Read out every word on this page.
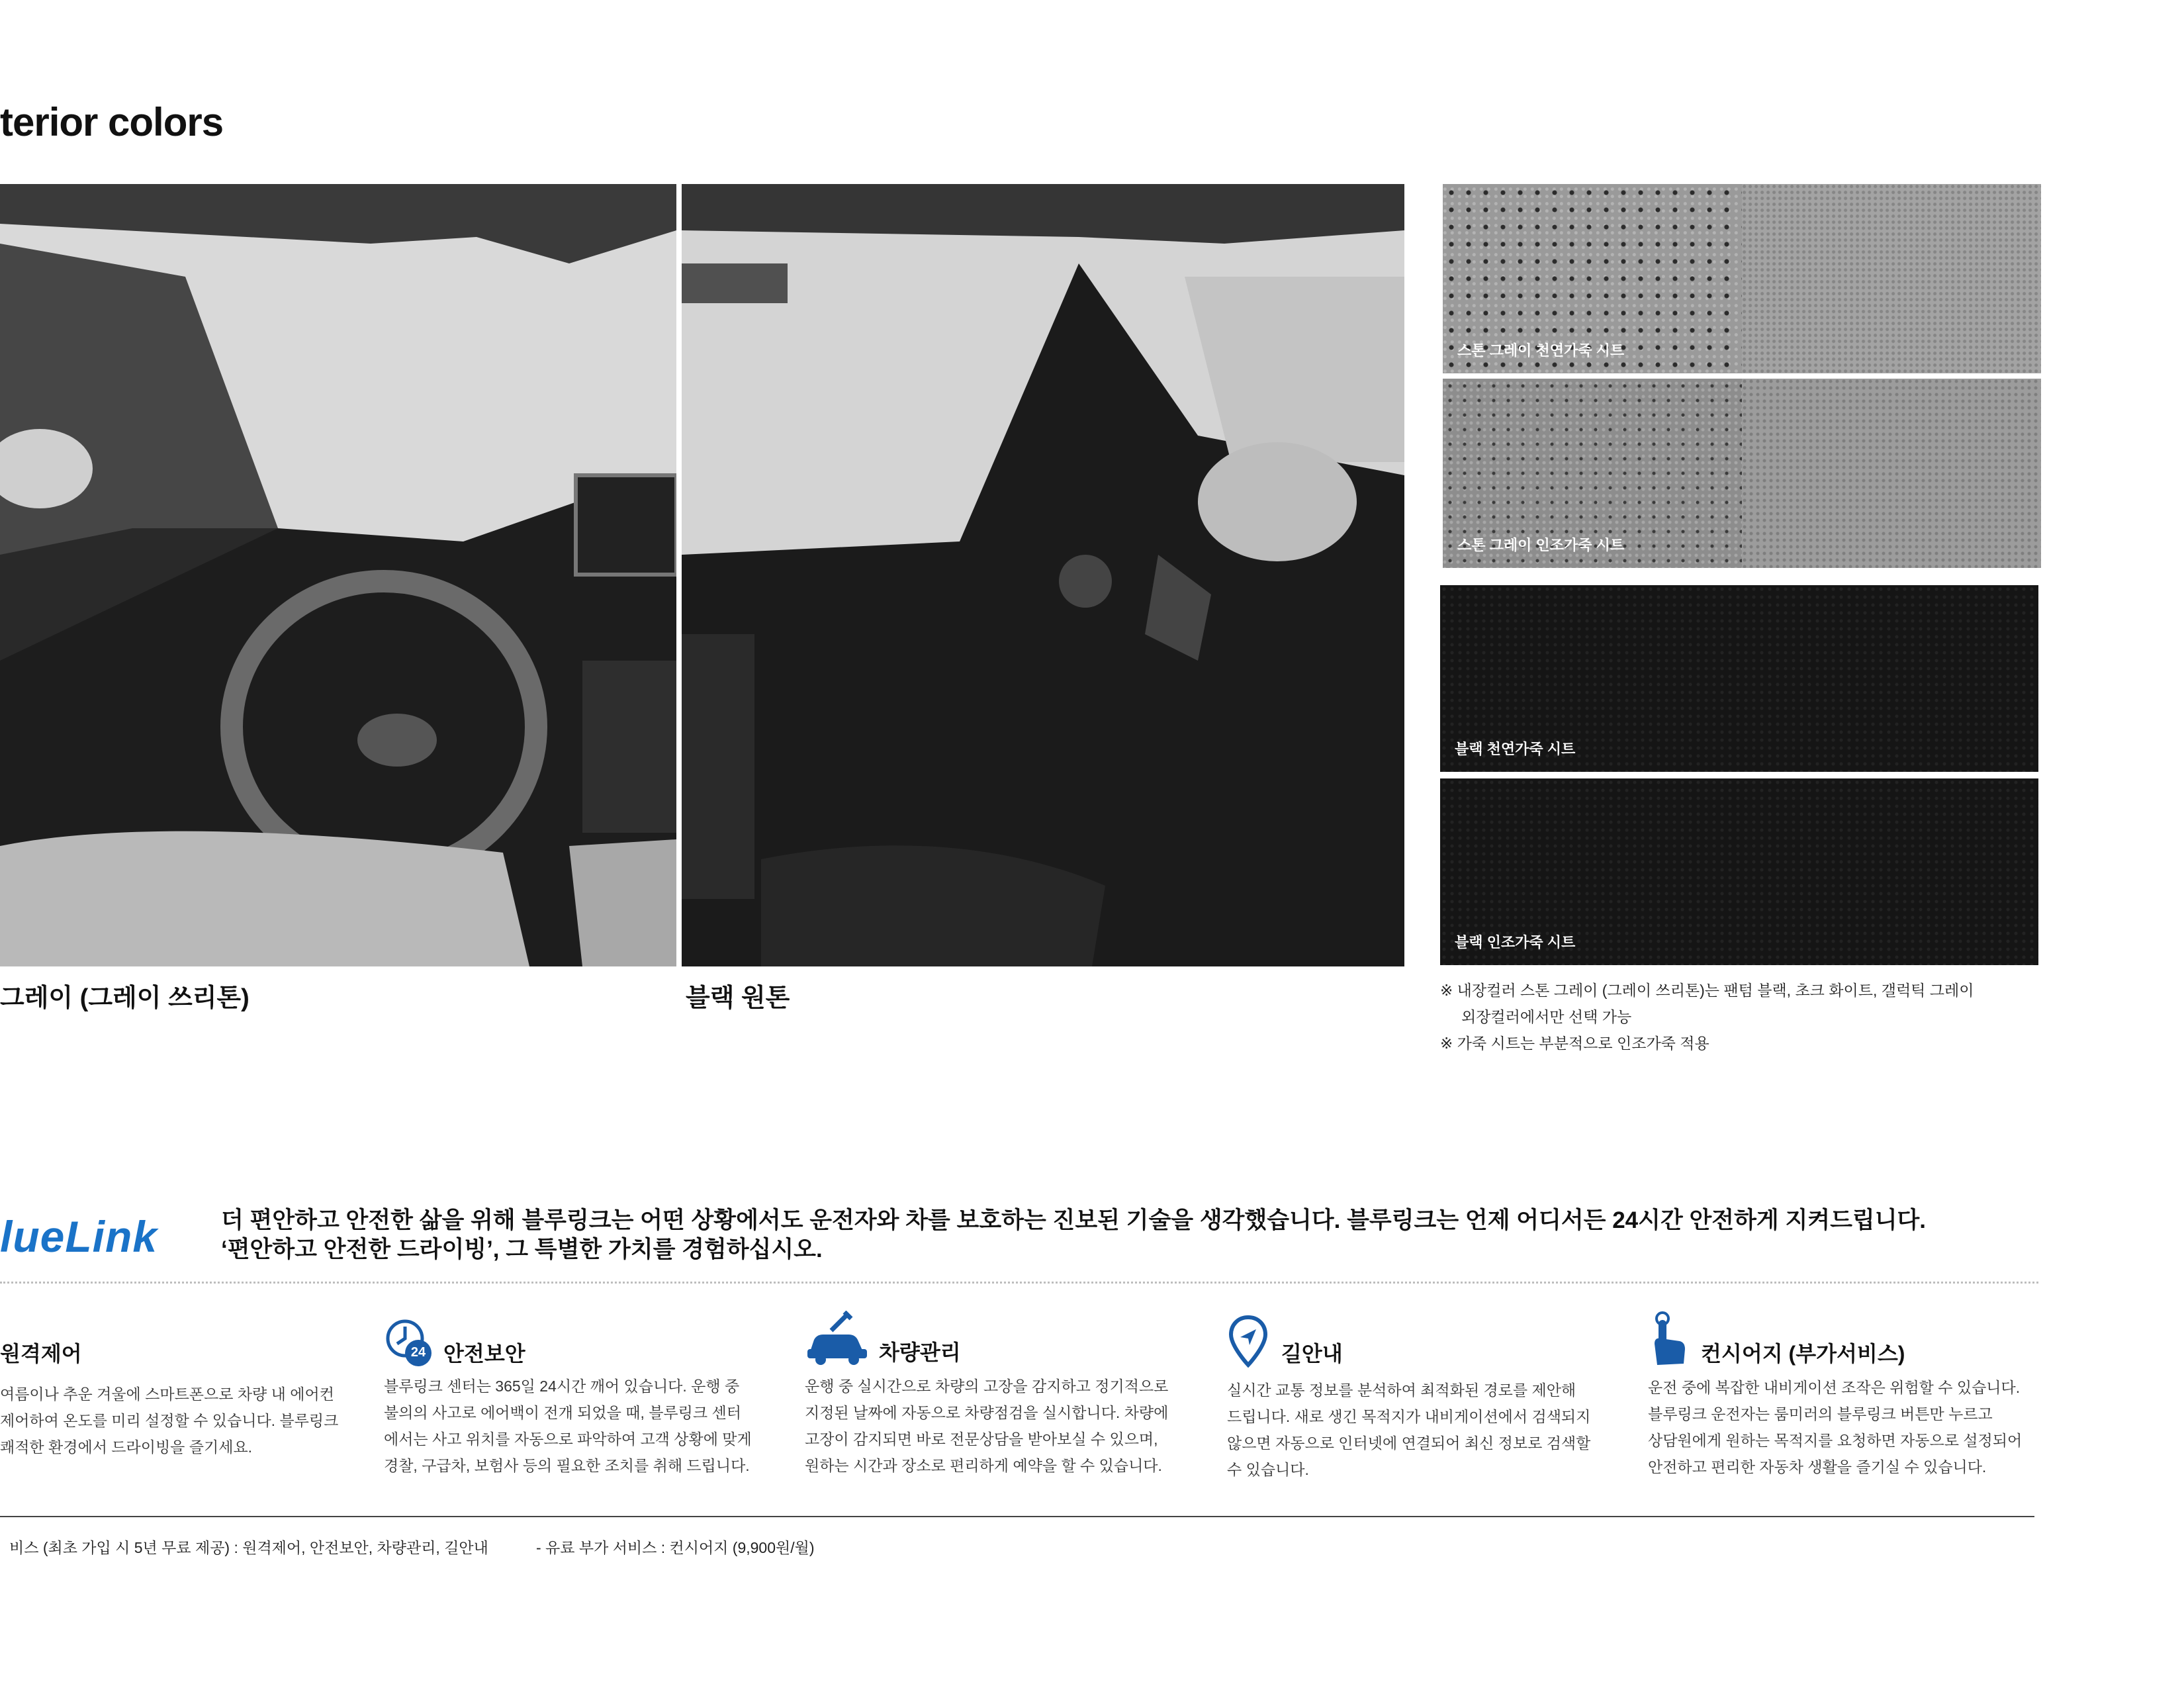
terior colors
그레이 (그레이 쓰리톤)	블랙 원톤
스톤 그레이 천연가죽 시트
스톤 그레이 인조가죽 시트
블랙 천연가죽 시트
블랙 인조가죽 시트
※ 내장컬러 스톤 그레이 (그레이 쓰리톤)는 팬텀 블랙, 초크 화이트, 갤럭틱 그레이
외장컬러에서만 선택 가능
※ 가죽 시트는 부분적으로 인조가죽 적용
lueLink	더 편안하고 안전한 삶을 위해 블루링크는 어떤 상황에서도 운전자와 차를 보호하는 진보된 기술을 생각했습니다. 블루링크는 언제 어디서든 24시간 안전하게 지켜드립니다.
‘편안하고 안전한 드라이빙’, 그 특별한 가치를 경험하십시오.
원격제어
여름이나 추운 겨울에 스마트폰으로 차량 내 에어컨
제어하여 온도를 미리 설정할 수 있습니다. 블루링크
쾌적한 환경에서 드라이빙을 즐기세요.
24 안전보안
블루링크 센터는 365일 24시간 깨어 있습니다. 운행 중
불의의 사고로 에어백이 전개 되었을 때, 블루링크 센터
에서는 사고 위치를 자동으로 파악하여 고객 상황에 맞게
경찰, 구급차, 보험사 등의 필요한 조치를 취해 드립니다.
차량관리
운행 중 실시간으로 차량의 고장을 감지하고 정기적으로
지정된 날짜에 자동으로 차량점검을 실시합니다. 차량에
고장이 감지되면 바로 전문상담을 받아보실 수 있으며,
원하는 시간과 장소로 편리하게 예약을 할 수 있습니다.
길안내
실시간 교통 정보를 분석하여 최적화된 경로를 제안해
드립니다. 새로 생긴 목적지가 내비게이션에서 검색되지
않으면 자동으로 인터넷에 연결되어 최신 정보로 검색할
수 있습니다.
컨시어지 (부가서비스)
운전 중에 복잡한 내비게이션 조작은 위험할 수 있습니다.
블루링크 운전자는 룸미러의 블루링크 버튼만 누르고
상담원에게 원하는 목적지를 요청하면 자동으로 설정되어
안전하고 편리한 자동차 생활을 즐기실 수 있습니다.
비스 (최초 가입 시 5년 무료 제공) : 원격제어, 안전보안, 차량관리, 길안내	- 유료 부가 서비스 : 컨시어지 (9,900원/월)
